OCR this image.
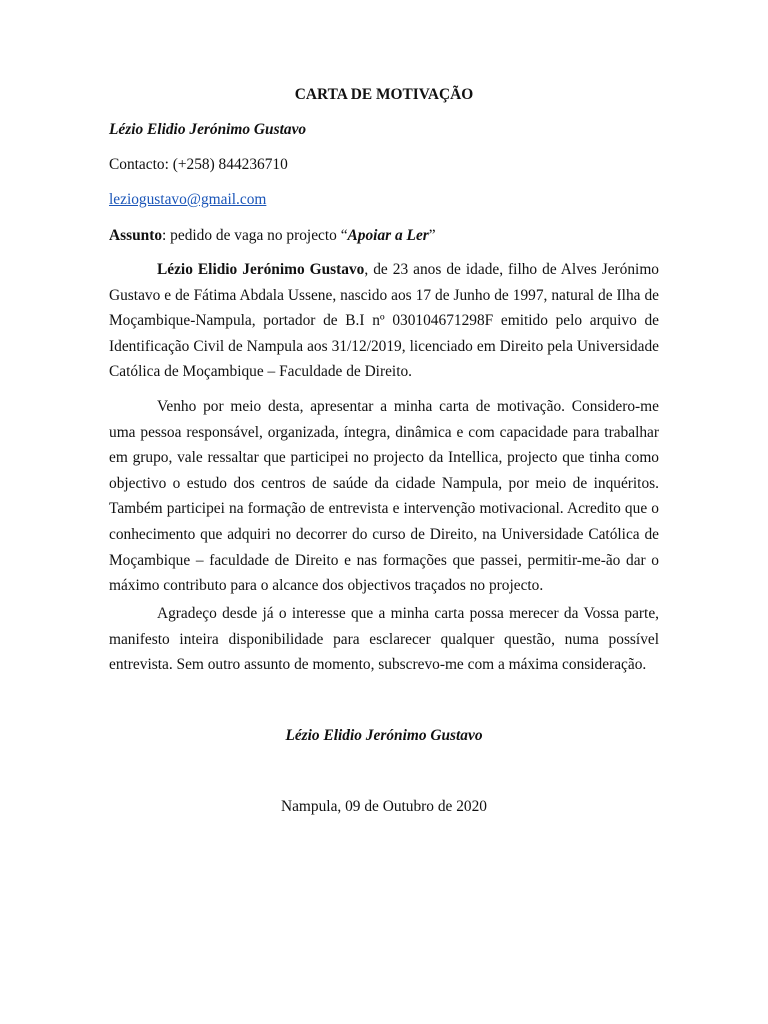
CARTA DE MOTIVAÇÃO

Lézio Elidio Jerónimo Gustavo

Contacto: (+258) 844236710

leziogustavo@gmail.com

Assunto: pedido de vaga no projecto “Apoiar a Ler”

Lézio Elidio Jerónimo Gustavo, de 23 anos de idade, filho de Alves Jerónimo Gustavo e de Fátima Abdala Ussene, nascido aos 17 de Junho de 1997, natural de Ilha de Moçambique-Nampula, portador de B.I nº 030104671298F emitido pelo arquivo de Identificação Civil de Nampula aos 31/12/2019, licenciado em Direito pela Universidade Católica de Moçambique – Faculdade de Direito.

Venho por meio desta, apresentar a minha carta de motivação. Considero-me uma pessoa responsável, organizada, íntegra, dinâmica e com capacidade para trabalhar em grupo, vale ressaltar que participei no projecto da Intellica, projecto que tinha como objectivo o estudo dos centros de saúde da cidade Nampula, por meio de inquéritos. Também participei na formação de entrevista e intervenção motivacional. Acredito que o conhecimento que adquiri no decorrer do curso de Direito, na Universidade Católica de Moçambique – faculdade de Direito e nas formações que passei, permitir-me-ão dar o máximo contributo para o alcance dos objectivos traçados no projecto.

Agradeço desde já o interesse que a minha carta possa merecer da Vossa parte, manifesto inteira disponibilidade para esclarecer qualquer questão, numa possível entrevista. Sem outro assunto de momento, subscrevo-me com a máxima consideração.

Lézio Elidio Jerónimo Gustavo

Nampula, 09 de Outubro de 2020
